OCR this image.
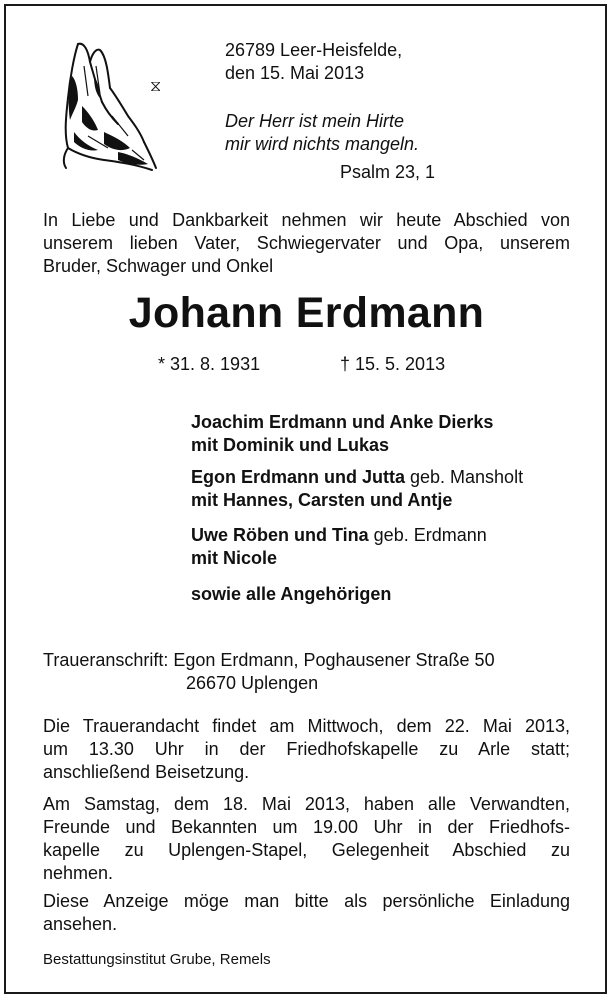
⧖
26789 Leer-Heisfelde,
den 15. Mai 2013
Der Herr ist mein Hirte
mir wird nichts mangeln.
Psalm 23, 1
In Liebe und Dankbarkeit nehmen wir heute Abschied von
unserem lieben Vater, Schwiegervater und Opa, unserem
Bruder, Schwager und Onkel
Johann Erdmann
* 31. 8. 1931	† 15. 5. 2013
Joachim Erdmann und Anke Dierks
mit Dominik und Lukas
Egon Erdmann und Jutta geb. Mansholt
mit Hannes, Carsten und Antje
Uwe Röben und Tina geb. Erdmann
mit Nicole
sowie alle Angehörigen
Traueranschrift: Egon Erdmann, Poghausener Straße 50
26670 Uplengen
Die Trauerandacht findet am Mittwoch, dem 22. Mai 2013,
um 13.30 Uhr in der Friedhofskapelle zu Arle statt;
anschließend Beisetzung.
Am Samstag, dem 18. Mai 2013, haben alle Verwandten,
Freunde und Bekannten um 19.00 Uhr in der Friedhofs-
kapelle zu Uplengen-Stapel, Gelegenheit Abschied zu
nehmen.
Diese Anzeige möge man bitte als persönliche Einladung
ansehen.
Bestattungsinstitut Grube, Remels
